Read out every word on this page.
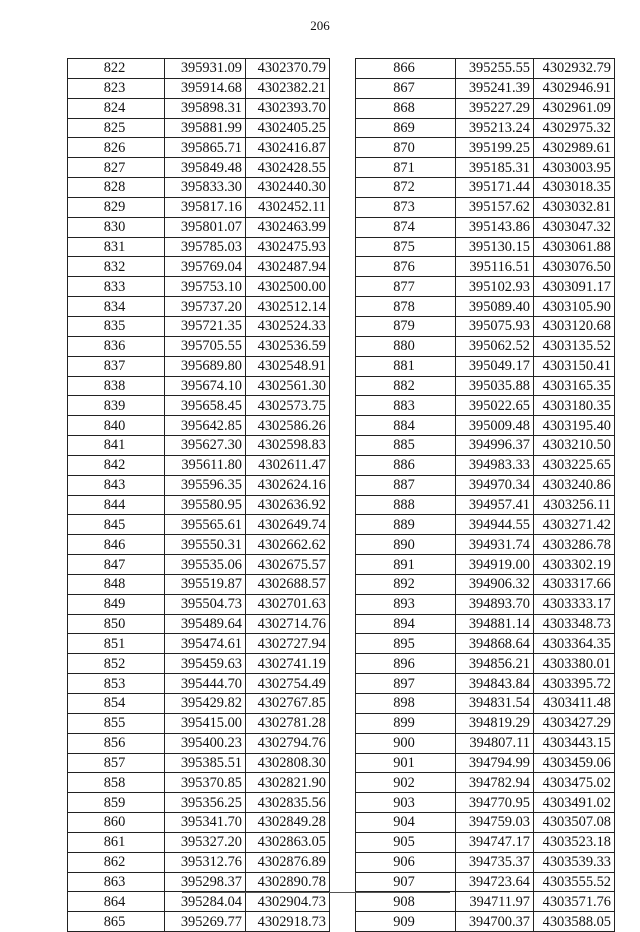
206
822	395931.09	4302370.79
823	395914.68	4302382.21
824	395898.31	4302393.70
825	395881.99	4302405.25
826	395865.71	4302416.87
827	395849.48	4302428.55
828	395833.30	4302440.30
829	395817.16	4302452.11
830	395801.07	4302463.99
831	395785.03	4302475.93
832	395769.04	4302487.94
833	395753.10	4302500.00
834	395737.20	4302512.14
835	395721.35	4302524.33
836	395705.55	4302536.59
837	395689.80	4302548.91
838	395674.10	4302561.30
839	395658.45	4302573.75
840	395642.85	4302586.26
841	395627.30	4302598.83
842	395611.80	4302611.47
843	395596.35	4302624.16
844	395580.95	4302636.92
845	395565.61	4302649.74
846	395550.31	4302662.62
847	395535.06	4302675.57
848	395519.87	4302688.57
849	395504.73	4302701.63
850	395489.64	4302714.76
851	395474.61	4302727.94
852	395459.63	4302741.19
853	395444.70	4302754.49
854	395429.82	4302767.85
855	395415.00	4302781.28
856	395400.23	4302794.76
857	395385.51	4302808.30
858	395370.85	4302821.90
859	395356.25	4302835.56
860	395341.70	4302849.28
861	395327.20	4302863.05
862	395312.76	4302876.89
863	395298.37	4302890.78
864	395284.04	4302904.73
865	395269.77	4302918.73
866	395255.55	4302932.79
867	395241.39	4302946.91
868	395227.29	4302961.09
869	395213.24	4302975.32
870	395199.25	4302989.61
871	395185.31	4303003.95
872	395171.44	4303018.35
873	395157.62	4303032.81
874	395143.86	4303047.32
875	395130.15	4303061.88
876	395116.51	4303076.50
877	395102.93	4303091.17
878	395089.40	4303105.90
879	395075.93	4303120.68
880	395062.52	4303135.52
881	395049.17	4303150.41
882	395035.88	4303165.35
883	395022.65	4303180.35
884	395009.48	4303195.40
885	394996.37	4303210.50
886	394983.33	4303225.65
887	394970.34	4303240.86
888	394957.41	4303256.11
889	394944.55	4303271.42
890	394931.74	4303286.78
891	394919.00	4303302.19
892	394906.32	4303317.66
893	394893.70	4303333.17
894	394881.14	4303348.73
895	394868.64	4303364.35
896	394856.21	4303380.01
897	394843.84	4303395.72
898	394831.54	4303411.48
899	394819.29	4303427.29
900	394807.11	4303443.15
901	394794.99	4303459.06
902	394782.94	4303475.02
903	394770.95	4303491.02
904	394759.03	4303507.08
905	394747.17	4303523.18
906	394735.37	4303539.33
907	394723.64	4303555.52
908	394711.97	4303571.76
909	394700.37	4303588.05
